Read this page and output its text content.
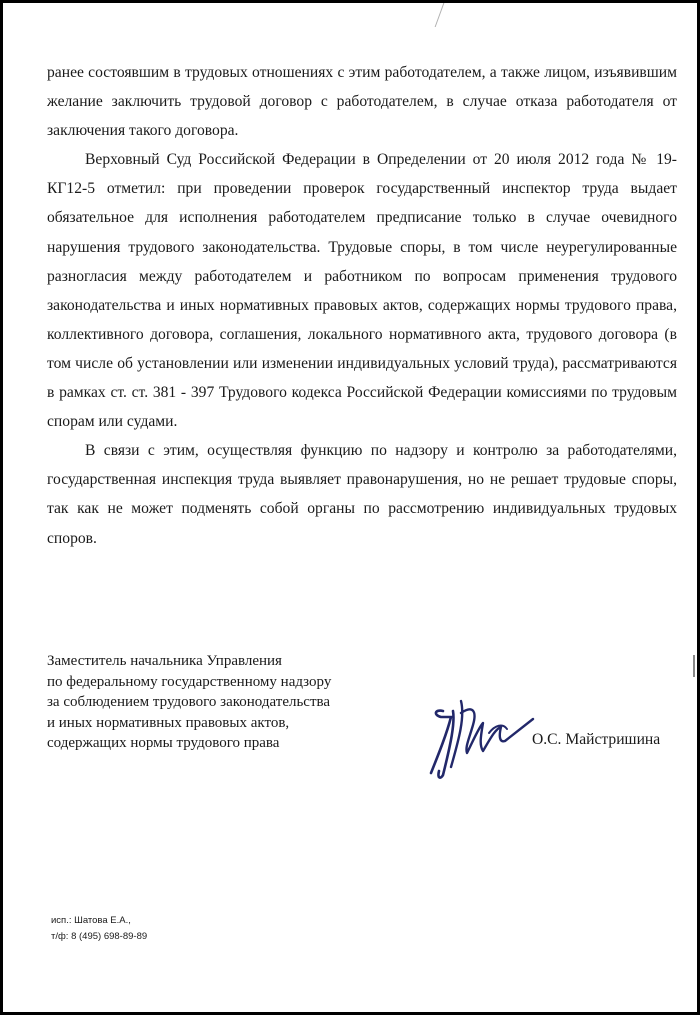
ранее состоявшим в трудовых отношениях с этим работодателем, а также лицом, изъявившим желание заключить трудовой договор с работодателем, в случае отказа работодателя от заключения такого договора.

Верховный Суд Российской Федерации в Определении от 20 июля 2012 года № 19-КГ12-5 отметил: при проведении проверок государственный инспектор труда выдает обязательное для исполнения работодателем предписание только в случае очевидного нарушения трудового законодательства. Трудовые споры, в том числе неурегулированные разногласия между работодателем и работником по вопросам применения трудового законодательства и иных нормативных правовых актов, содержащих нормы трудового права, коллективного договора, соглашения, локального нормативного акта, трудового договора (в том числе об установлении или изменении индивидуальных условий труда), рассматриваются в рамках ст. ст. 381 - 397 Трудового кодекса Российской Федерации комиссиями по трудовым спорам или судами.

В связи с этим, осуществляя функцию по надзору и контролю за работодателями, государственная инспекция труда выявляет правонарушения, но не решает трудовые споры, так как не может подменять собой органы по рассмотрению индивидуальных трудовых споров.

Заместитель начальника Управления
по федеральному государственному надзору
за соблюдением трудового законодательства
и иных нормативных правовых актов,
содержащих нормы трудового права	О.С. Майстришина
исп.: Шатова Е.А.,
т/ф: 8 (495) 698-89-89
